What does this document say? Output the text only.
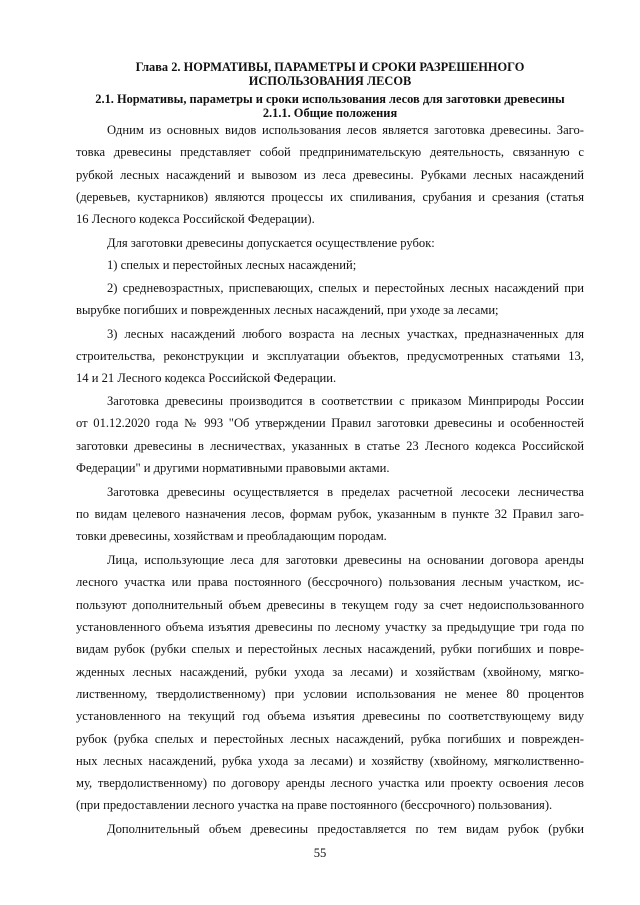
Глава 2. НОРМАТИВЫ, ПАРАМЕТРЫ И СРОКИ РАЗРЕШЕННОГО
ИСПОЛЬЗОВАНИЯ ЛЕСОВ
2.1. Нормативы, параметры и сроки использования лесов для заготовки древесины
2.1.1. Общие положения
Одним из основных видов использования лесов является заготовка древесины. Заго-
товка древесины представляет собой предпринимательскую деятельность, связанную с
рубкой лесных насаждений и вывозом из леса древесины. Рубками лесных насаждений
(деревьев, кустарников) являются процессы их спиливания, срубания и срезания (статья
16 Лесного кодекса Российской Федерации).
Для заготовки древесины допускается осуществление рубок:
1) спелых и перестойных лесных насаждений;
2) средневозрастных, приспевающих, спелых и перестойных лесных насаждений при
вырубке погибших и поврежденных лесных насаждений, при уходе за лесами;
3) лесных насаждений любого возраста на лесных участках, предназначенных для
строительства, реконструкции и эксплуатации объектов, предусмотренных статьями 13,
14 и 21 Лесного кодекса Российской Федерации.
Заготовка древесины производится в соответствии с приказом Минприроды России
от 01.12.2020 года № 993 "Об утверждении Правил заготовки древесины и особенностей
заготовки древесины в лесничествах, указанных в статье 23 Лесного кодекса Российской
Федерации" и другими нормативными правовыми актами.
Заготовка древесины осуществляется в пределах расчетной лесосеки лесничества
по видам целевого назначения лесов, формам рубок, указанным в пункте 32 Правил заго-
товки древесины, хозяйствам и преобладающим породам.
Лица, использующие леса для заготовки древесины на основании договора аренды
лесного участка или права постоянного (бессрочного) пользования лесным участком, ис-
пользуют дополнительный объем древесины в текущем году за счет недоиспользованного
установленного объема изъятия древесины по лесному участку за предыдущие три года по
видам рубок (рубки спелых и перестойных лесных насаждений, рубки погибших и повре-
жденных лесных насаждений, рубки ухода за лесами) и хозяйствам (хвойному, мягко-
лиственному, твердолиственному) при условии использования не менее 80 процентов
установленного на текущий год объема изъятия древесины по соответствующему виду
рубок (рубка спелых и перестойных лесных насаждений, рубка погибших и поврежден-
ных лесных насаждений, рубка ухода за лесами) и хозяйству (хвойному, мягколиственно-
му, твердолиственному) по договору аренды лесного участка или проекту освоения лесов
(при предоставлении лесного участка на праве постоянного (бессрочного) пользования).
Дополнительный объем древесины предоставляется по тем видам рубок (рубки
55
